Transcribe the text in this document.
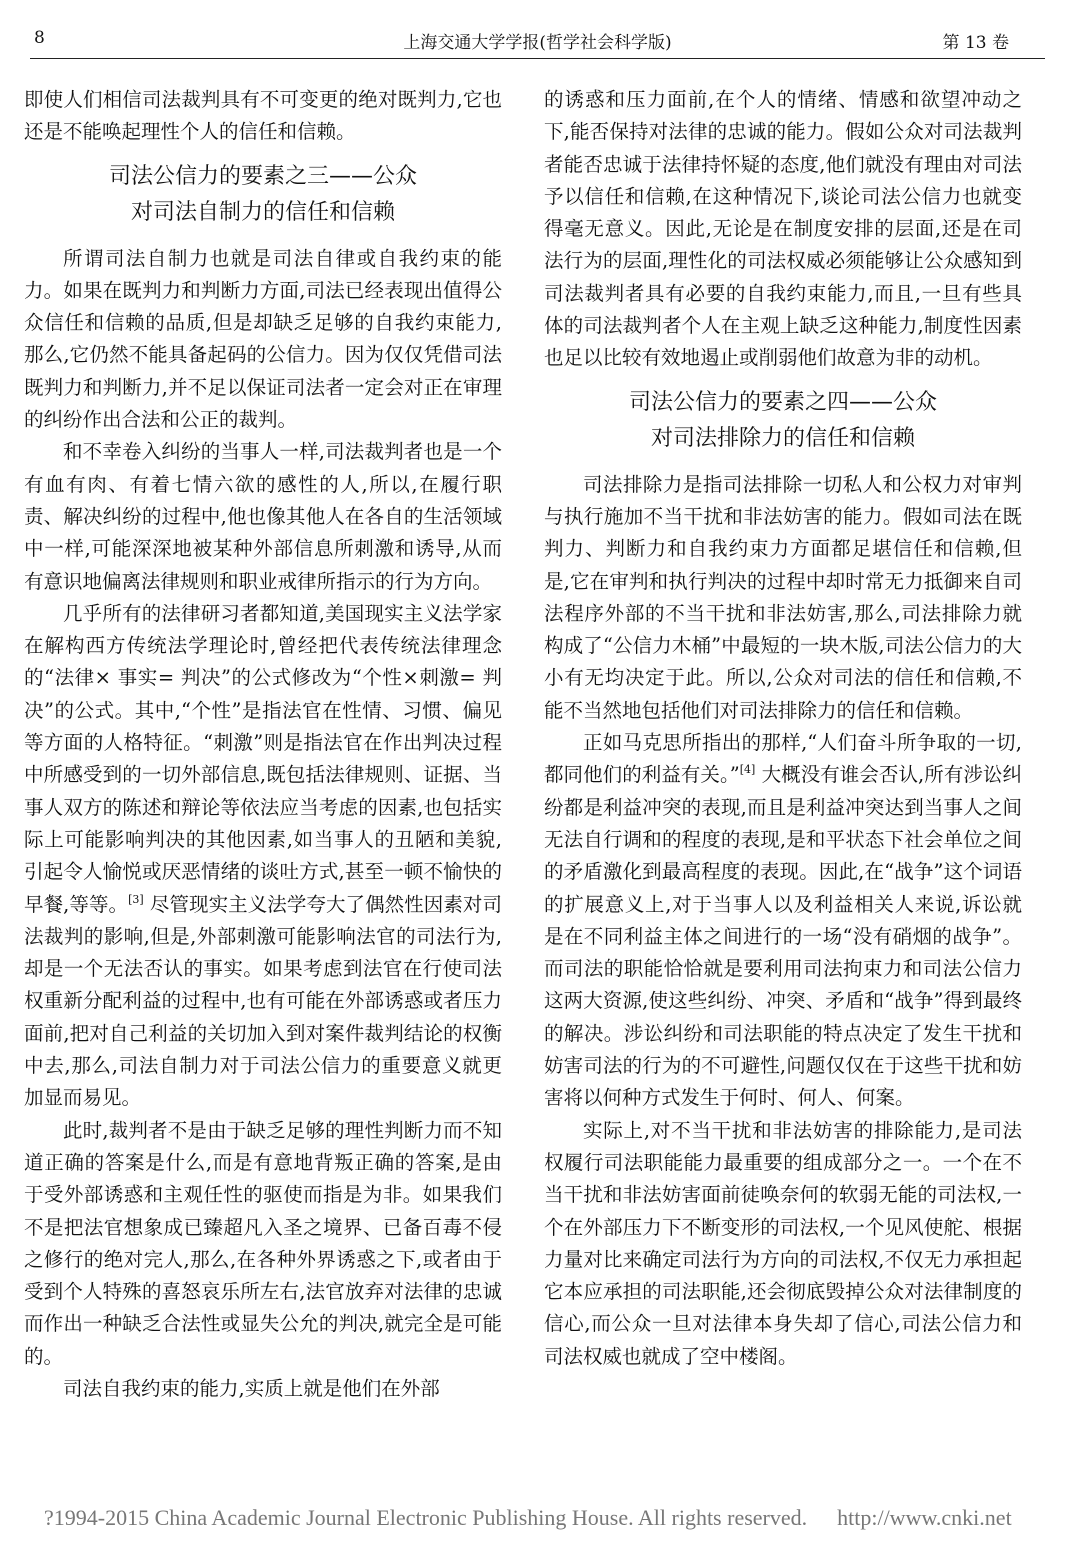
8	上海交通大学学报(哲学社会科学版)	第 13 卷

即使人们相信司法裁判具有不可变更的绝对既判力,它也还是不能唤起理性个人的信任和信赖。

司法公信力的要素之三——公众
对司法自制力的信任和信赖

所谓司法自制力也就是司法自律或自我约束的能力。如果在既判力和判断力方面,司法已经表现出值得公众信任和信赖的品质,但是却缺乏足够的自我约束能力,那么,它仍然不能具备起码的公信力。因为仅仅凭借司法既判力和判断力,并不足以保证司法者一定会对正在审理的纠纷作出合法和公正的裁判。

和不幸卷入纠纷的当事人一样,司法裁判者也是一个有血有肉、有着七情六欲的感性的人,所以,在履行职责、解决纠纷的过程中,他也像其他人在各自的生活领域中一样,可能深深地被某种外部信息所刺激和诱导,从而有意识地偏离法律规则和职业戒律所指示的行为方向。

几乎所有的法律研习者都知道,美国现实主义法学家在解构西方传统法学理论时,曾经把代表传统法律理念的“法律× 事实= 判决”的公式修改为“个性×刺激= 判决”的公式。其中,“个性”是指法官在性情、习惯、偏见等方面的人格特征。“刺激”则是指法官在作出判决过程中所感受到的一切外部信息,既包括法律规则、证据、当事人双方的陈述和辩论等依法应当考虑的因素,也包括实际上可能影响判决的其他因素,如当事人的丑陋和美貌,引起令人愉悦或厌恶情绪的谈吐方式,甚至一顿不愉快的早餐,等等。[3] 尽管现实主义法学夸大了偶然性因素对司法裁判的影响,但是,外部刺激可能影响法官的司法行为,却是一个无法否认的事实。如果考虑到法官在行使司法权重新分配利益的过程中,也有可能在外部诱惑或者压力面前,把对自己利益的关切加入到对案件裁判结论的权衡中去,那么,司法自制力对于司法公信力的重要意义就更加显而易见。

此时,裁判者不是由于缺乏足够的理性判断力而不知道正确的答案是什么,而是有意地背叛正确的答案,是由于受外部诱惑和主观任性的驱使而指是为非。如果我们不是把法官想象成已臻超凡入圣之境界、已备百毒不侵之修行的绝对完人,那么,在各种外界诱惑之下,或者由于受到个人特殊的喜怒哀乐所左右,法官放弃对法律的忠诚而作出一种缺乏合法性或显失公允的判决,就完全是可能的。

司法自我约束的能力,实质上就是他们在外部

的诱惑和压力面前,在个人的情绪、情感和欲望冲动之下,能否保持对法律的忠诚的能力。假如公众对司法裁判者能否忠诚于法律持怀疑的态度,他们就没有理由对司法予以信任和信赖,在这种情况下,谈论司法公信力也就变得毫无意义。因此,无论是在制度安排的层面,还是在司法行为的层面,理性化的司法权威必须能够让公众感知到司法裁判者具有必要的自我约束能力,而且,一旦有些具体的司法裁判者个人在主观上缺乏这种能力,制度性因素也足以比较有效地遏止或削弱他们故意为非的动机。

司法公信力的要素之四——公众
对司法排除力的信任和信赖

司法排除力是指司法排除一切私人和公权力对审判与执行施加不当干扰和非法妨害的能力。假如司法在既判力、判断力和自我约束力方面都足堪信任和信赖,但是,它在审判和执行判决的过程中却时常无力抵御来自司法程序外部的不当干扰和非法妨害,那么,司法排除力就构成了“公信力木桶”中最短的一块木版,司法公信力的大小有无均决定于此。所以,公众对司法的信任和信赖,不能不当然地包括他们对司法排除力的信任和信赖。

正如马克思所指出的那样,“人们奋斗所争取的一切,都同他们的利益有关。”[4] 大概没有谁会否认,所有涉讼纠纷都是利益冲突的表现,而且是利益冲突达到当事人之间无法自行调和的程度的表现,是和平状态下社会单位之间的矛盾激化到最高程度的表现。因此,在“战争”这个词语的扩展意义上,对于当事人以及利益相关人来说,诉讼就是在不同利益主体之间进行的一场“没有硝烟的战争”。而司法的职能恰恰就是要利用司法拘束力和司法公信力这两大资源,使这些纠纷、冲突、矛盾和“战争”得到最终的解决。涉讼纠纷和司法职能的特点决定了发生干扰和妨害司法的行为的不可避性,问题仅仅在于这些干扰和妨害将以何种方式发生于何时、何人、何案。

实际上,对不当干扰和非法妨害的排除能力,是司法权履行司法职能能力最重要的组成部分之一。一个在不当干扰和非法妨害面前徒唤奈何的软弱无能的司法权,一个在外部压力下不断变形的司法权,一个见风使舵、根据力量对比来确定司法行为方向的司法权,不仅无力承担起它本应承担的司法职能,还会彻底毁掉公众对法律制度的信心,而公众一旦对法律本身失却了信心,司法公信力和司法权威也就成了空中楼阁。

?1994-2015 China Academic Journal Electronic Publishing House. All rights reserved. http://www.cnki.net
